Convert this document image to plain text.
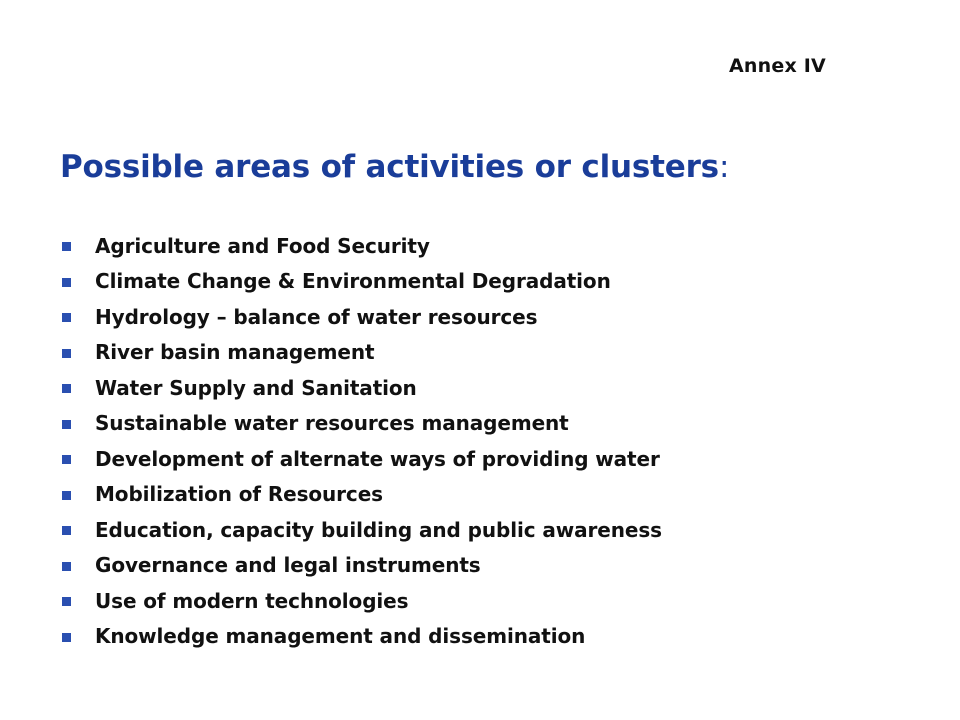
Annex IV
Possible areas of activities or clusters:
Agriculture and Food Security
Climate Change & Environmental Degradation
Hydrology – balance of water resources
River basin management
Water Supply and Sanitation
Sustainable water resources management
Development of alternate ways of providing water
Mobilization of Resources
Education, capacity building and public awareness
Governance and legal instruments
Use of modern technologies
Knowledge management and dissemination
